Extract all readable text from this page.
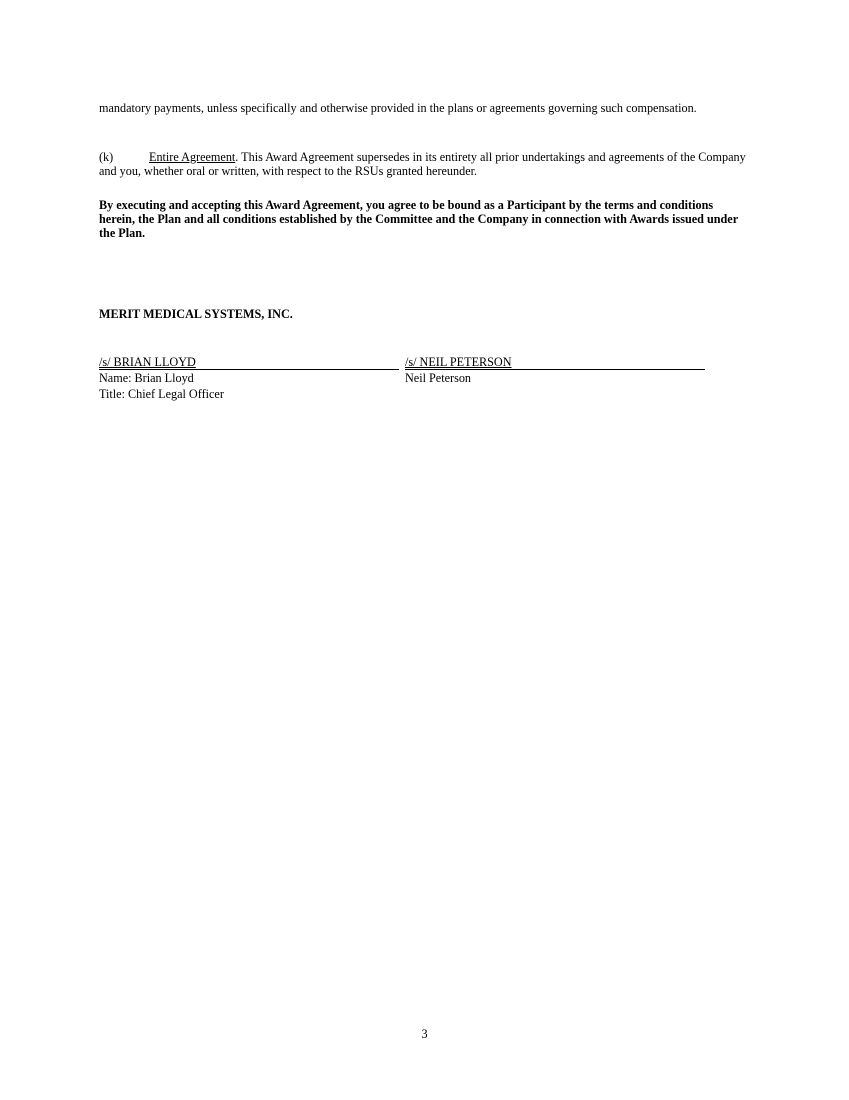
mandatory payments, unless specifically and otherwise provided in the plans or agreements governing such compensation.

(k)	Entire Agreement. This Award Agreement supersedes in its entirety all prior undertakings and agreements of the Company and you, whether oral or written, with respect to the RSUs granted hereunder.

By executing and accepting this Award Agreement, you agree to be bound as a Participant by the terms and conditions herein, the Plan and all conditions established by the Committee and the Company in connection with Awards issued under the Plan.

MERIT MEDICAL SYSTEMS, INC.

/s/ BRIAN LLOYD
Name: Brian Lloyd
Title: Chief Legal Officer
/s/ NEIL PETERSON
Neil Peterson
3
